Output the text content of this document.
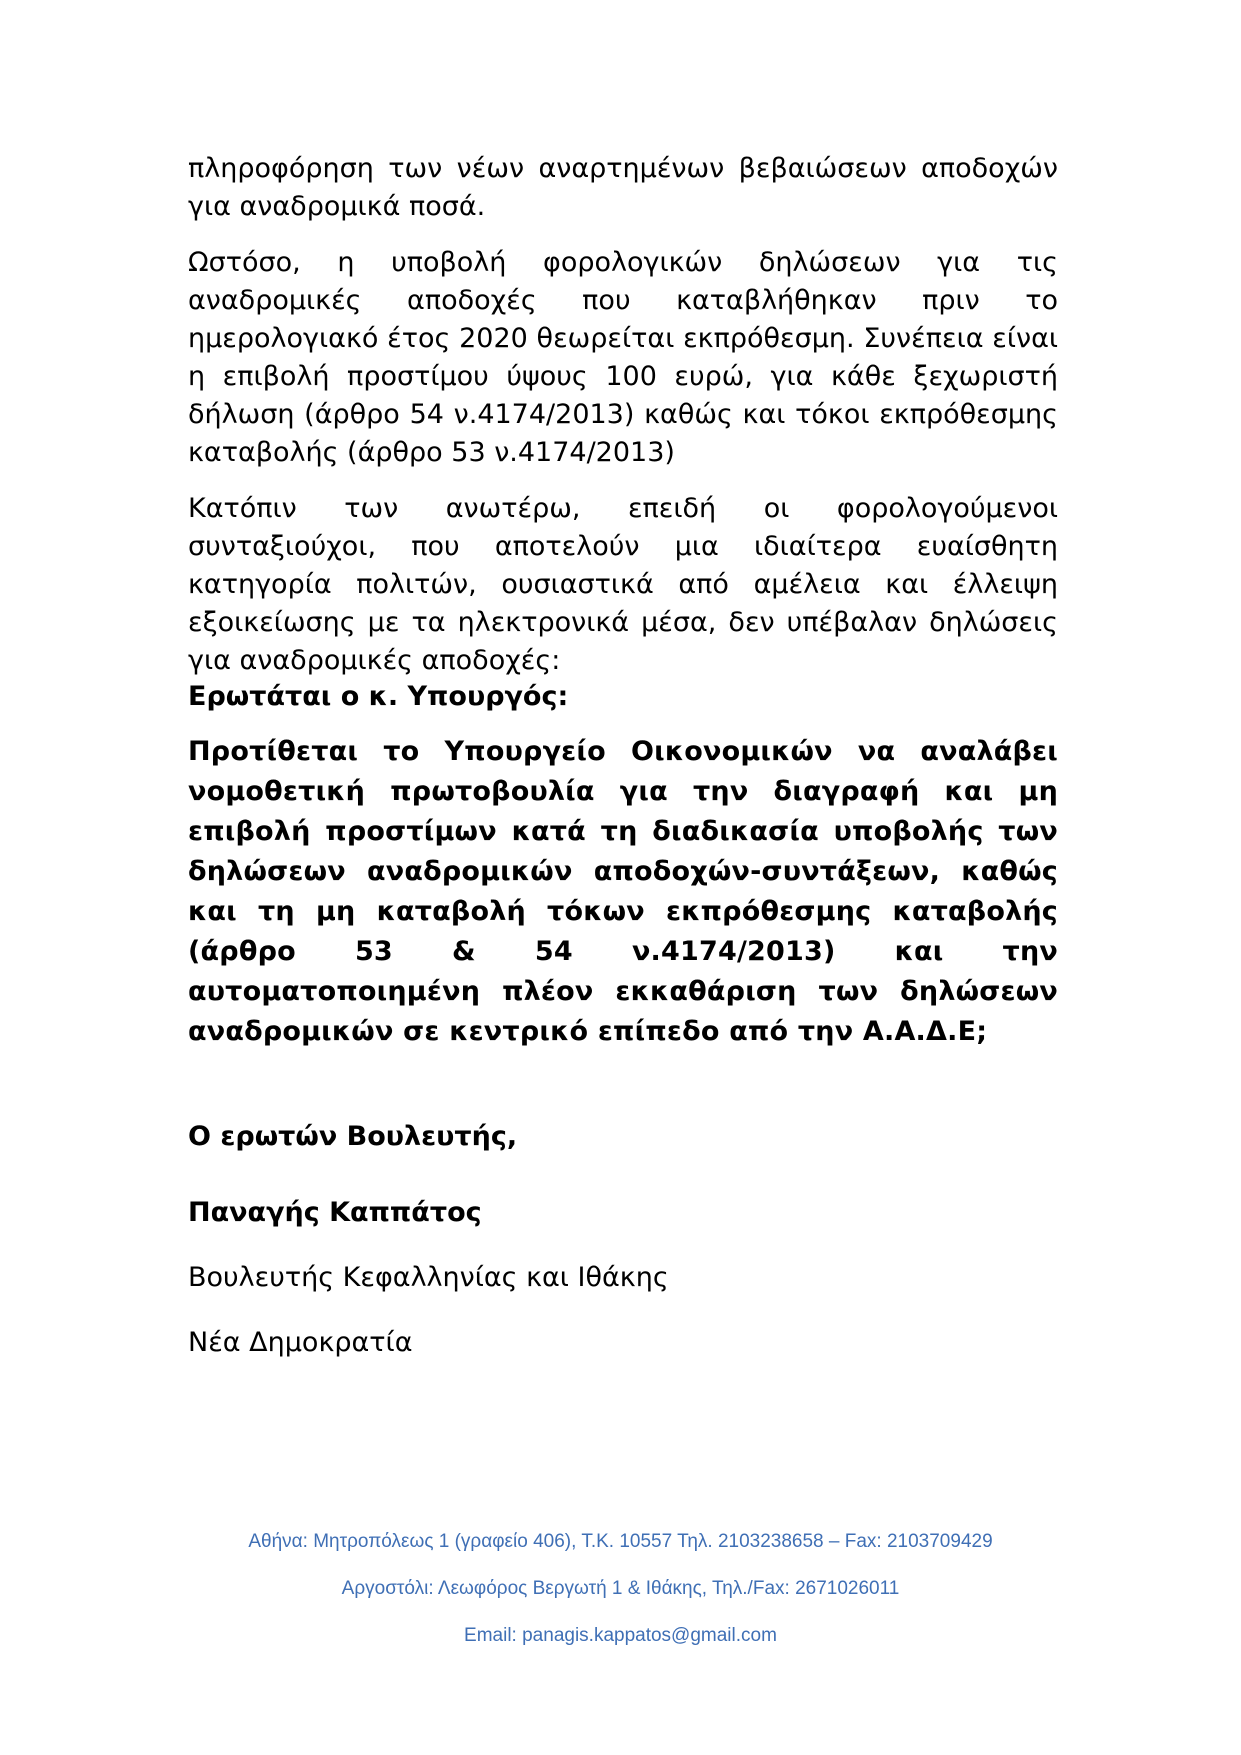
πληροφόρηση των νέων αναρτημένων βεβαιώσεων αποδοχών για αναδρομικά ποσά.

Ωστόσο, η υποβολή φορολογικών δηλώσεων για τις αναδρομικές αποδοχές που καταβλήθηκαν πριν το ημερολογιακό έτος 2020 θεωρείται εκπρόθεσμη. Συνέπεια είναι η επιβολή προστίμου ύψους 100 ευρώ, για κάθε ξεχωριστή δήλωση (άρθρο 54 ν.4174/2013) καθώς και τόκοι εκπρόθεσμης καταβολής (άρθρο 53 ν.4174/2013)

Κατόπιν των ανωτέρω, επειδή οι φορολογούμενοι συνταξιούχοι, που αποτελούν μια ιδιαίτερα ευαίσθητη κατηγορία πολιτών, ουσιαστικά από αμέλεια και έλλειψη εξοικείωσης με τα ηλεκτρονικά μέσα, δεν υπέβαλαν δηλώσεις για αναδρομικές αποδοχές:

Ερωτάται ο κ. Υπουργός:

Προτίθεται το Υπουργείο Οικονομικών να αναλάβει νομοθετική πρωτοβουλία για την διαγραφή και μη επιβολή προστίμων κατά τη διαδικασία υποβολής των δηλώσεων αναδρομικών αποδοχών-συντάξεων, καθώς και τη μη καταβολή τόκων εκπρόθεσμης καταβολής (άρθρο 53 & 54 ν.4174/2013) και την αυτοματοποιημένη πλέον εκκαθάριση των δηλώσεων αναδρομικών σε κεντρικό επίπεδο από την Α.Α.Δ.Ε;

Ο ερωτών Βουλευτής,

Παναγής Καππάτος

Βουλευτής Κεφαλληνίας και Ιθάκης

Νέα Δημοκρατία

Αθήνα: Μητροπόλεως 1 (γραφείο 406), Τ.Κ. 10557 Τηλ. 2103238658 – Fax: 2103709429
Αργοστόλι: Λεωφόρος Βεργωτή 1 & Ιθάκης, Τηλ./Fax: 2671026011
Email: panagis.kappatos@gmail.com
